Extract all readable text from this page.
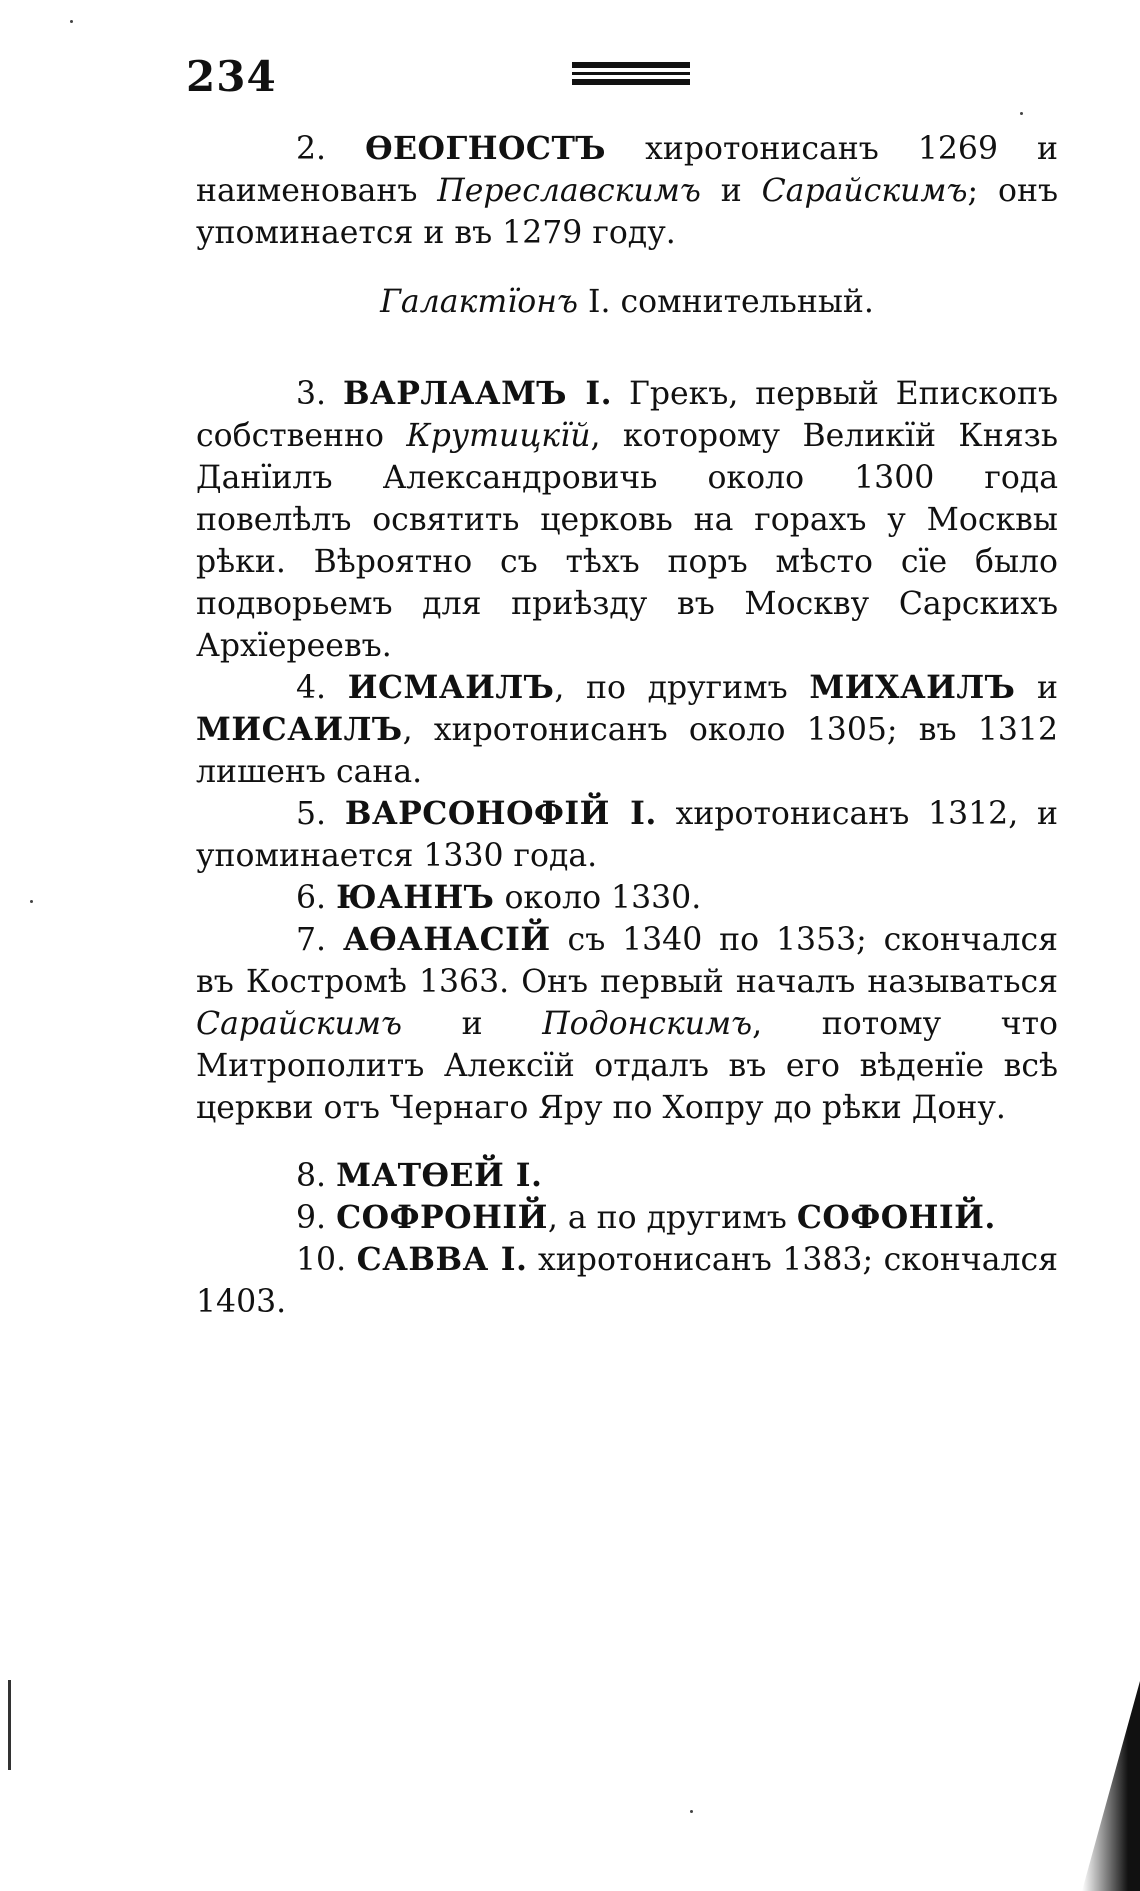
234

2. ѲЕОГНОСТЪ хиротонисанъ 1269 и наименованъ Переславскимъ и Сарайскимъ; онъ упоминается и въ 1279 году.

Галактïонъ I. сомнительный.

3. ВАРЛААМЪ I. Грекъ, первый Епископъ собственно Крутицкïй, которому Великïй Князь Данïилъ Александровичь около 1300 года повелѣлъ освятить церковь на горахъ у Москвы рѣки. Вѣроятно съ тѣхъ поръ мѣсто сïе было подворьемъ для приѣзду въ Москву Сарскихъ Архïереевъ.

4. ИСМАИЛЪ, по другимъ МИХАИЛЪ и МИСАИЛЪ, хиротонисанъ около 1305; въ 1312 лишенъ сана.

5. ВАРСОНОФIЙ I. хиротонисанъ 1312, и упоминается 1330 года.

6. ЮАННЪ около 1330.

7. АѲАНАСIЙ съ 1340 по 1353; скончался въ Костромѣ 1363. Онъ первый началъ называться Сарайскимъ и Подонскимъ, потому что Митрополитъ Алексïй отдалъ въ его вѣденïе всѣ церкви отъ Чернаго Яру по Хопру до рѣки Дону.

8. МАТѲЕЙ I.

9. СОФРОНIЙ, а по другимъ СОФОНIЙ.

10. САВВА I. хиротонисанъ 1383; скончался 1403.
